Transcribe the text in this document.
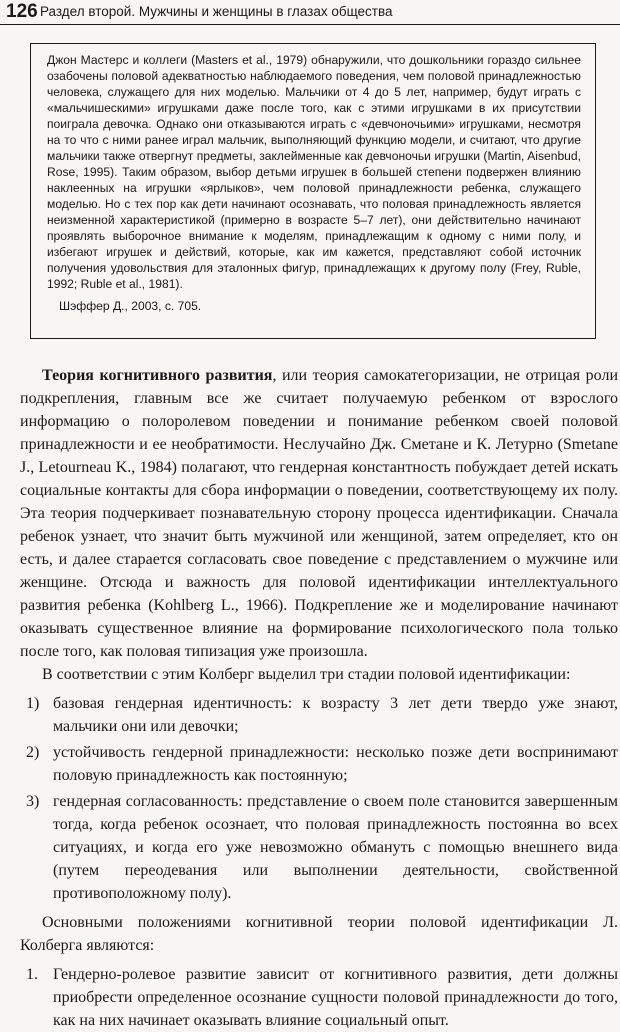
126 Раздел второй. Мужчины и женщины в глазах общества

Джон Мастерс и коллеги (Masters et al., 1979) обнаружили, что дошкольники гораздо сильнее озабочены половой адекватностью наблюдаемого поведения, чем половой принадлежностью человека, служащего для них моделью. Мальчики от 4 до 5 лет, например, будут играть с «мальчишескими» игрушками даже после того, как с этими игрушками в их присутствии поиграла девочка. Однако они отказываются играть с «девчоночьими» игрушками, несмотря на то что с ними ранее играл мальчик, выполняющий функцию модели, и считают, что другие мальчики также отвергнут предметы, заклейменные как девчоночьи игрушки (Martin, Aisenbud, Rose, 1995). Таким образом, выбор детьми игрушек в большей степени подвержен влиянию наклеенных на игрушки «ярлыков», чем половой принадлежности ребенка, служащего моделью. Но с тех пор как дети начинают осознавать, что половая принадлежность является неизменной характеристикой (примерно в возрасте 5–7 лет), они действительно начинают проявлять выборочное внимание к моделям, принадлежащим к одному с ними полу, и избегают игрушек и действий, которые, как им кажется, представляют собой источник получения удовольствия для эталонных фигур, принадлежащих к другому полу (Frey, Ruble, 1992; Ruble et al., 1981).

Шэффер Д., 2003, с. 705.

Теория когнитивного развития, или теория самокатегоризации, не отрицая роли подкрепления, главным все же считает получаемую ребенком от взрослого информацию о полоролевом поведении и понимание ребенком своей половой принадлежности и ее необратимости. Неслучайно Дж. Сметане и К. Летурно (Smetane J., Letourneau K., 1984) полагают, что гендерная константность побуждает детей искать социальные контакты для сбора информации о поведении, соответствующему их полу. Эта теория подчеркивает познавательную сторону процесса идентификации. Сначала ребенок узнает, что значит быть мужчиной или женщиной, затем определяет, кто он есть, и далее старается согласовать свое поведение с представлением о мужчине или женщине. Отсюда и важность для половой идентификации интеллектуального развития ребенка (Kohlberg L., 1966). Подкрепление же и моделирование начинают оказывать существенное влияние на формирование психологического пола только после того, как половая типизация уже произошла.

В соответствии с этим Колберг выделил три стадии половой идентификации:

1) базовая гендерная идентичность: к возрасту 3 лет дети твердо уже знают, мальчики они или девочки;
2) устойчивость гендерной принадлежности: несколько позже дети воспринимают половую принадлежность как постоянную;
3) гендерная согласованность: представление о своем поле становится завершенным тогда, когда ребенок осознает, что половая принадлежность постоянна во всех ситуациях, и когда его уже невозможно обмануть с помощью внешнего вида (путем переодевания или выполнении деятельности, свойственной противоположному полу).

Основными положениями когнитивной теории половой идентификации Л. Колберга являются:

1. Гендерно-ролевое развитие зависит от когнитивного развития, дети должны приобрести определенное осознание сущности половой принадлежности до того, как на них начинает оказывать влияние социальный опыт.
